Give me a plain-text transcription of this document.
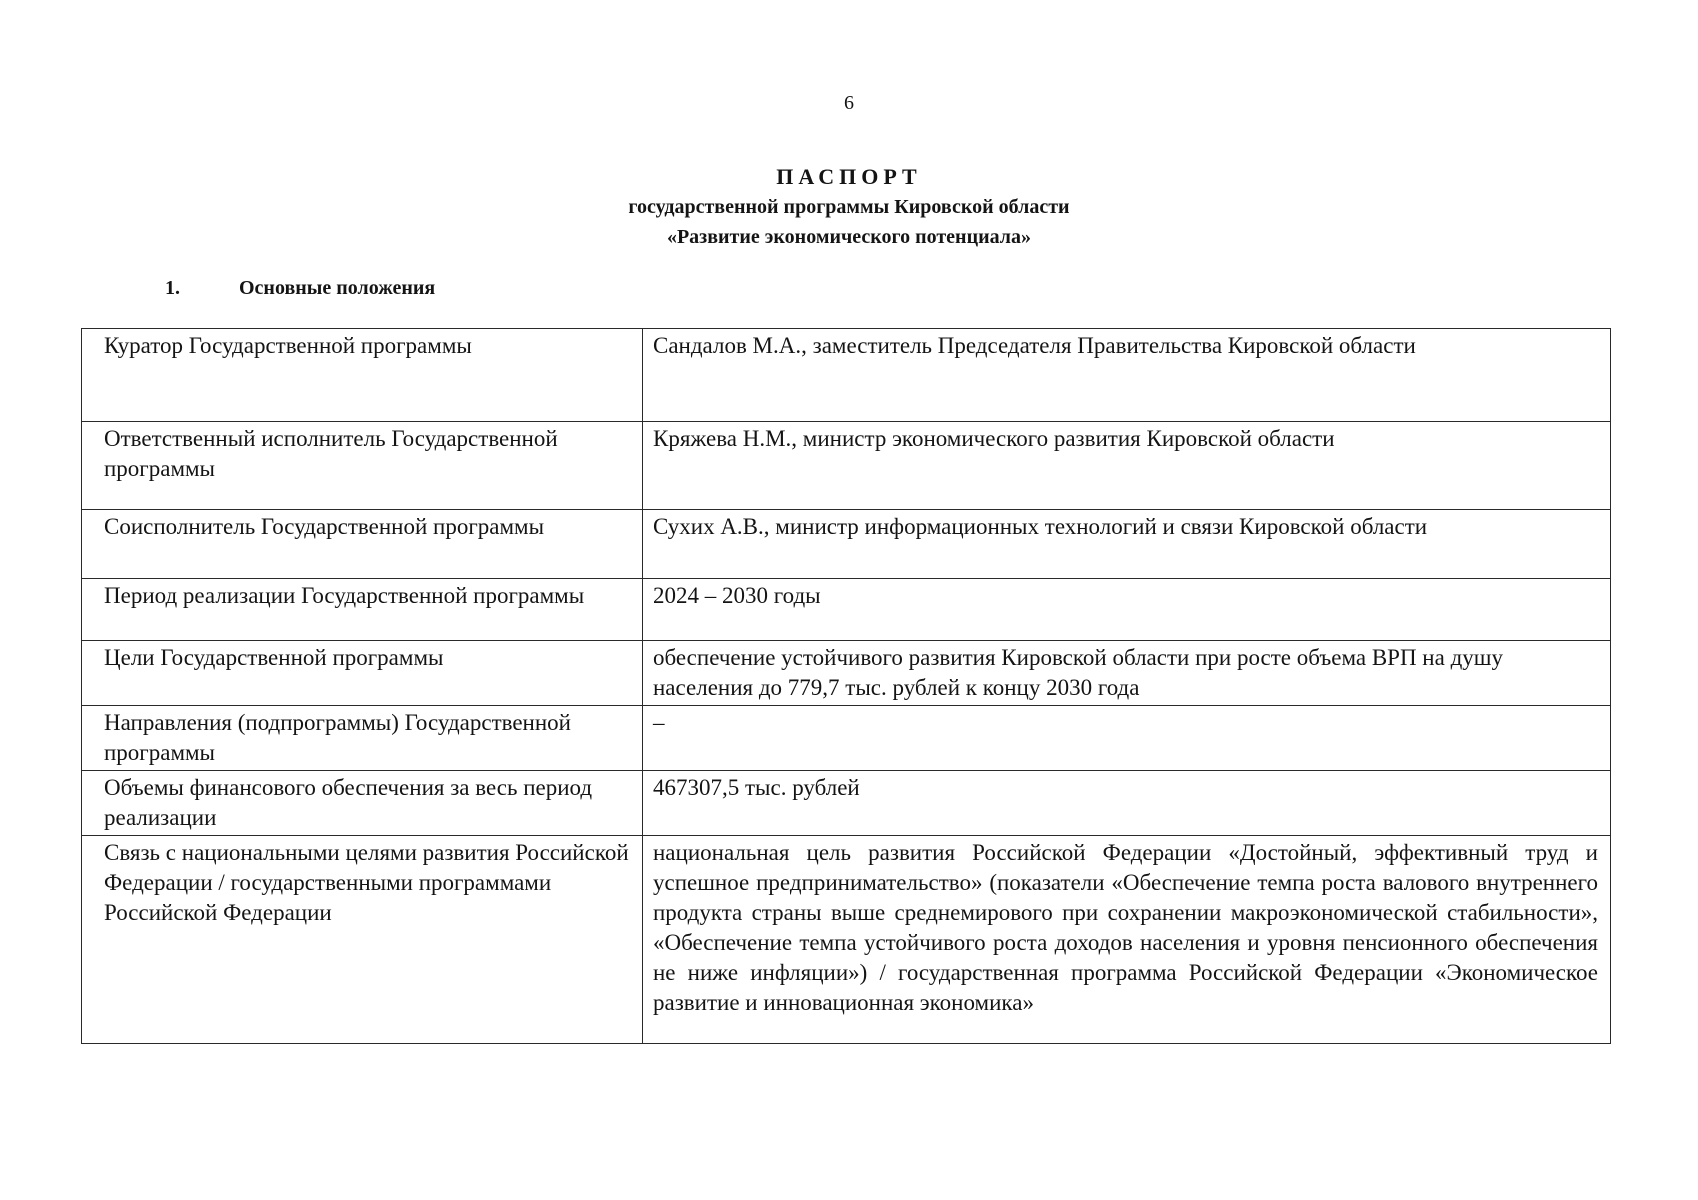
6
ПАСПОРТ
государственной программы Кировской области
«Развитие экономического потенциала»
1.	Основные положения
Куратор Государственной программы	Сандалов М.А., заместитель Председателя Правительства Кировской области
Ответственный исполнитель Государственной программы	Кряжева Н.М., министр экономического развития Кировской области
Соисполнитель Государственной программы	Сухих А.В., министр информационных технологий и связи Кировской области
Период реализации Государственной программы	2024 – 2030 годы
Цели Государственной программы	обеспечение устойчивого развития Кировской области при росте объема ВРП на душу населения до 779,7 тыс. рублей к концу 2030 года
Направления (подпрограммы) Государственной программы	–
Объемы финансового обеспечения за весь период реализации	467307,5 тыс. рублей
Связь с национальными целями развития Российской Федерации / государственными программами Российской Федерации	национальная цель развития Российской Федерации «Достойный, эффективный труд и успешное предпринимательство» (показатели «Обеспечение темпа роста валового внутреннего продукта страны выше среднемирового при сохранении макроэкономической стабильности», «Обеспечение темпа устойчивого роста доходов населения и уровня пенсионного обеспечения не ниже инфляции») / государственная программа Российской Федерации «Экономическое развитие и инновационная экономика»
